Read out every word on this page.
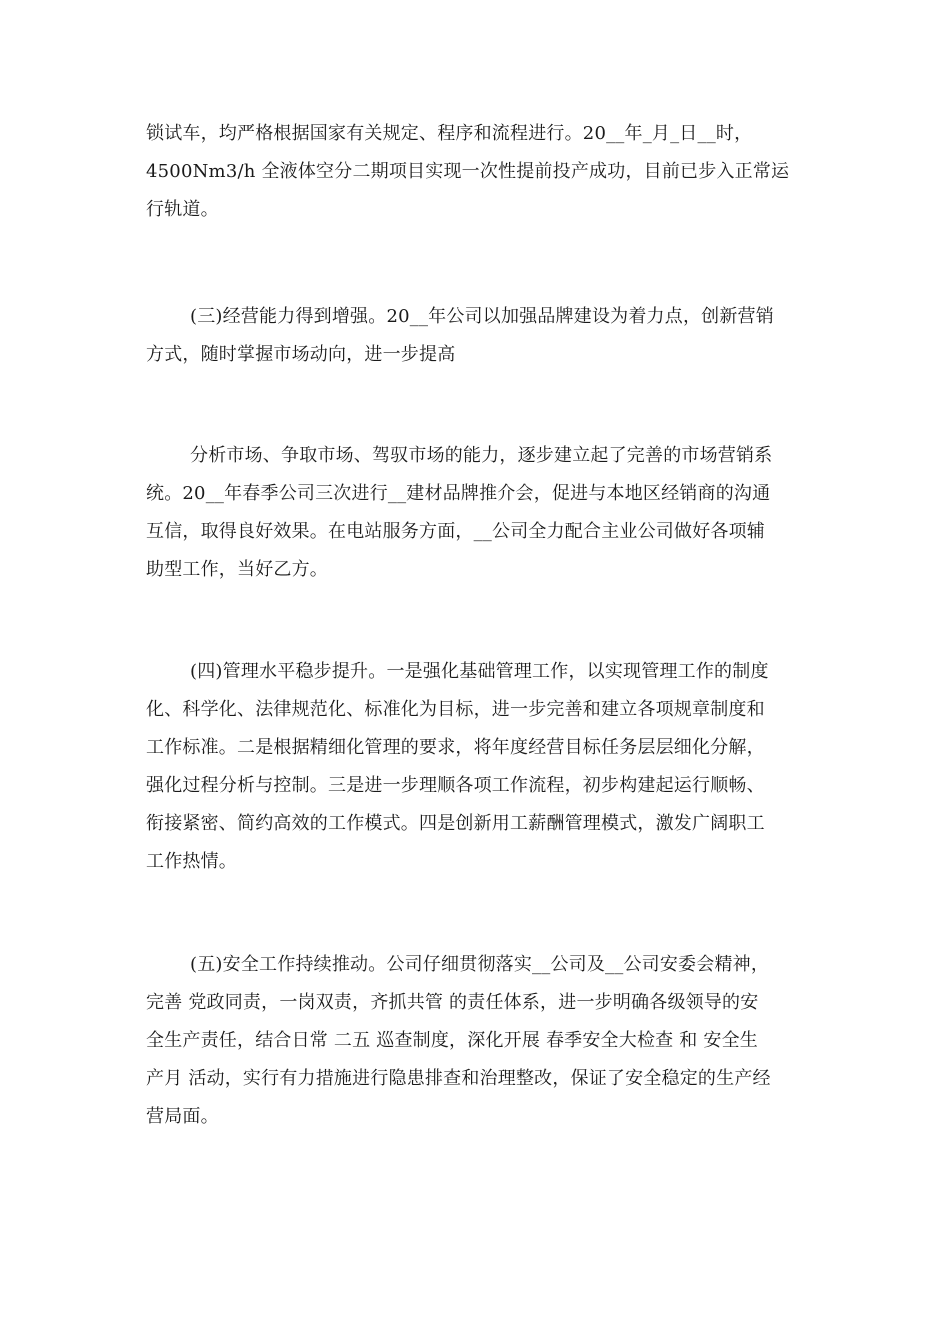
锁试车，均严格根据国家有关规定、程序和流程进行。20__年_月_日__时，
4500Nm3/h 全液体空分二期项目实现一次性提前投产成功，目前已步入正常运
行轨道。

(三)经营能力得到增强。20__年公司以加强品牌建设为着力点，创新营销
方式，随时掌握市场动向，进一步提高

分析市场、争取市场、驾驭市场的能力，逐步建立起了完善的市场营销系
统。20__年春季公司三次进行__建材品牌推介会，促进与本地区经销商的沟通
互信，取得良好效果。在电站服务方面，__公司全力配合主业公司做好各项辅
助型工作，当好乙方。

(四)管理水平稳步提升。一是强化基础管理工作，以实现管理工作的制度
化、科学化、法律规范化、标准化为目标，进一步完善和建立各项规章制度和
工作标准。二是根据精细化管理的要求，将年度经营目标任务层层细化分解，
强化过程分析与控制。三是进一步理顺各项工作流程，初步构建起运行顺畅、
衔接紧密、简约高效的工作模式。四是创新用工薪酬管理模式，激发广阔职工
工作热情。

(五)安全工作持续推动。公司仔细贯彻落实__公司及__公司安委会精神，
完善 党政同责，一岗双责，齐抓共管 的责任体系，进一步明确各级领导的安
全生产责任，结合日常 二五 巡查制度，深化开展 春季安全大检查 和 安全生
产月 活动，实行有力措施进行隐患排查和治理整改，保证了安全稳定的生产经
营局面。
